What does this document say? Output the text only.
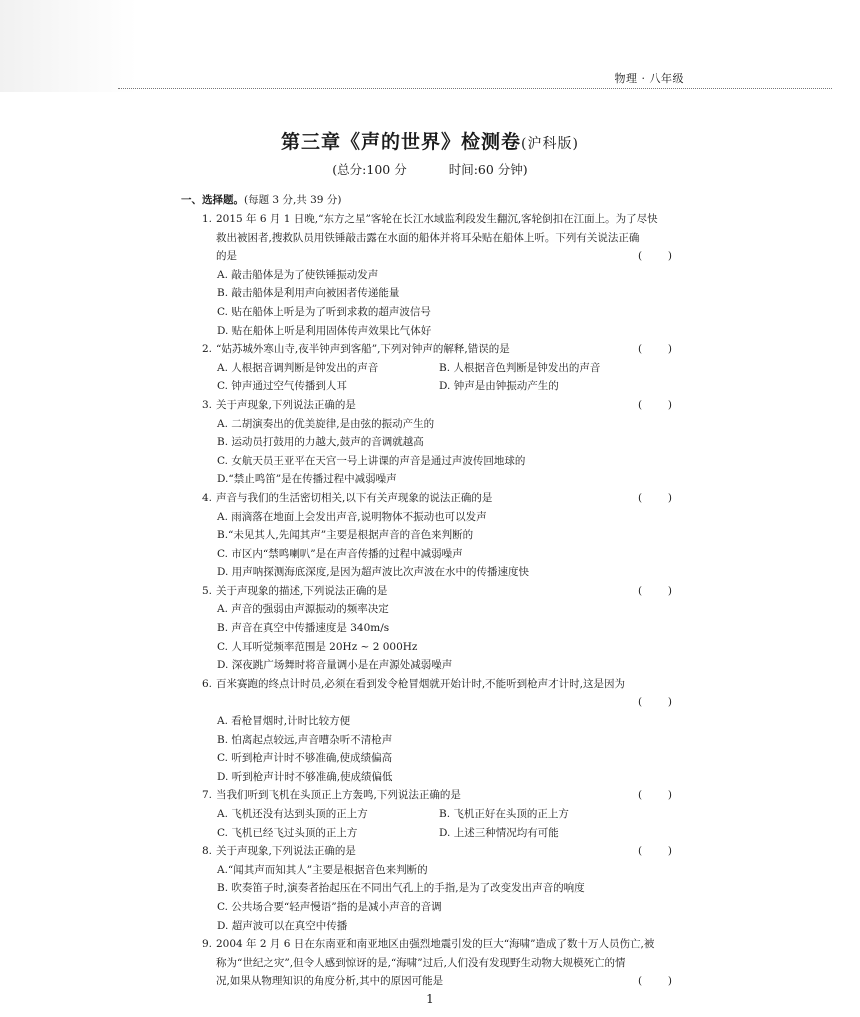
物理 · 八年级
第三章《声的世界》检测卷(沪科版)
(总分:100 分	时间:60 分钟)
一、选择题。(每题 3 分,共 39 分)
1. 2015 年 6 月 1 日晚,“东方之星”客轮在长江水域监利段发生翻沉,客轮倒扣在江面上。为了尽快
救出被困者,搜救队员用铁锤敲击露在水面的船体并将耳朵贴在船体上听。下列有关说法正确
的是	( )
A. 敲击船体是为了使铁锤振动发声
B. 敲击船体是利用声向被困者传递能量
C. 贴在船体上听是为了听到求救的超声波信号
D. 贴在船体上听是利用固体传声效果比气体好
2. “姑苏城外寒山寺,夜半钟声到客船”,下列对钟声的解释,错误的是	( )
A. 人根据音调判断是钟发出的声音	B. 人根据音色判断是钟发出的声音
C. 钟声通过空气传播到人耳	D. 钟声是由钟振动产生的
3. 关于声现象,下列说法正确的是	( )
A. 二胡演奏出的优美旋律,是由弦的振动产生的
B. 运动员打鼓用的力越大,鼓声的音调就越高
C. 女航天员王亚平在天宫一号上讲课的声音是通过声波传回地球的
D.“禁止鸣笛”是在传播过程中减弱噪声
4. 声音与我们的生活密切相关,以下有关声现象的说法正确的是	( )
A. 雨滴落在地面上会发出声音,说明物体不振动也可以发声
B.“未见其人,先闻其声”主要是根据声音的音色来判断的
C. 市区内“禁鸣喇叭”是在声音传播的过程中减弱噪声
D. 用声呐探测海底深度,是因为超声波比次声波在水中的传播速度快
5. 关于声现象的描述,下列说法正确的是	( )
A. 声音的强弱由声源振动的频率决定
B. 声音在真空中传播速度是 340m/s
C. 人耳听觉频率范围是 20Hz ~ 2 000Hz
D. 深夜跳广场舞时将音量调小是在声源处减弱噪声
6. 百米赛跑的终点计时员,必须在看到发令枪冒烟就开始计时,不能听到枪声才计时,这是因为

( )
A. 看枪冒烟时,计时比较方便
B. 怕离起点较远,声音嘈杂听不清枪声
C. 听到枪声计时不够准确,使成绩偏高
D. 听到枪声计时不够准确,使成绩偏低
7. 当我们听到飞机在头顶正上方轰鸣,下列说法正确的是	( )
A. 飞机还没有达到头顶的正上方	B. 飞机正好在头顶的正上方
C. 飞机已经飞过头顶的正上方	D. 上述三种情况均有可能
8. 关于声现象,下列说法正确的是	( )
A.“闻其声而知其人”主要是根据音色来判断的
B. 吹奏笛子时,演奏者抬起压在不同出气孔上的手指,是为了改变发出声音的响度
C. 公共场合要“轻声慢语”指的是减小声音的音调
D. 超声波可以在真空中传播
9. 2004 年 2 月 6 日在东南亚和南亚地区由强烈地震引发的巨大“海啸”造成了数十万人员伤亡,被
称为“世纪之灾”,但令人感到惊讶的是,“海啸”过后,人们没有发现野生动物大规模死亡的情
况,如果从物理知识的角度分析,其中的原因可能是	( )
1
